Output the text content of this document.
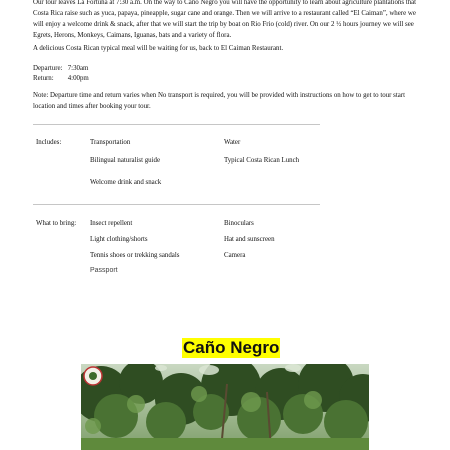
Our tour leaves La Fortuna at 7:30 a.m. On the way to Caño Negro you will have the opportunity to learn about agriculture plantations that Costa Rica raise such as yuca, papaya, pineapple, sugar cane and orange. Then we will arrive to a restaurant called “El Caiman”, where we will enjoy a welcome drink & snack, after that we will start the trip by boat on Rio Frio (cold) river. On our 2 ½ hours journey we will see Egrets, Herons, Monkeys, Caimans, Iguanas, bats and a variety of flora.

A delicious Costa Rican typical meal will be waiting for us, back to El Caiman Restaurant.

Departure: 7:30am
Return: 4:00pm

Note: Departure time and return varies when No transport is required, you will be provided with instructions on how to get to tour start location and times after booking your tour.

Includes:	Transportation
Bilingual naturalist guide
Welcome drink and snack
Water
Typical Costa Rican Lunch
What to bring: Insect repellent
Light clothing/shorts
Tennis shoes or trekking sandals
Passport
Binoculars
Hat and sunscreen
Camera
Caño Negro
